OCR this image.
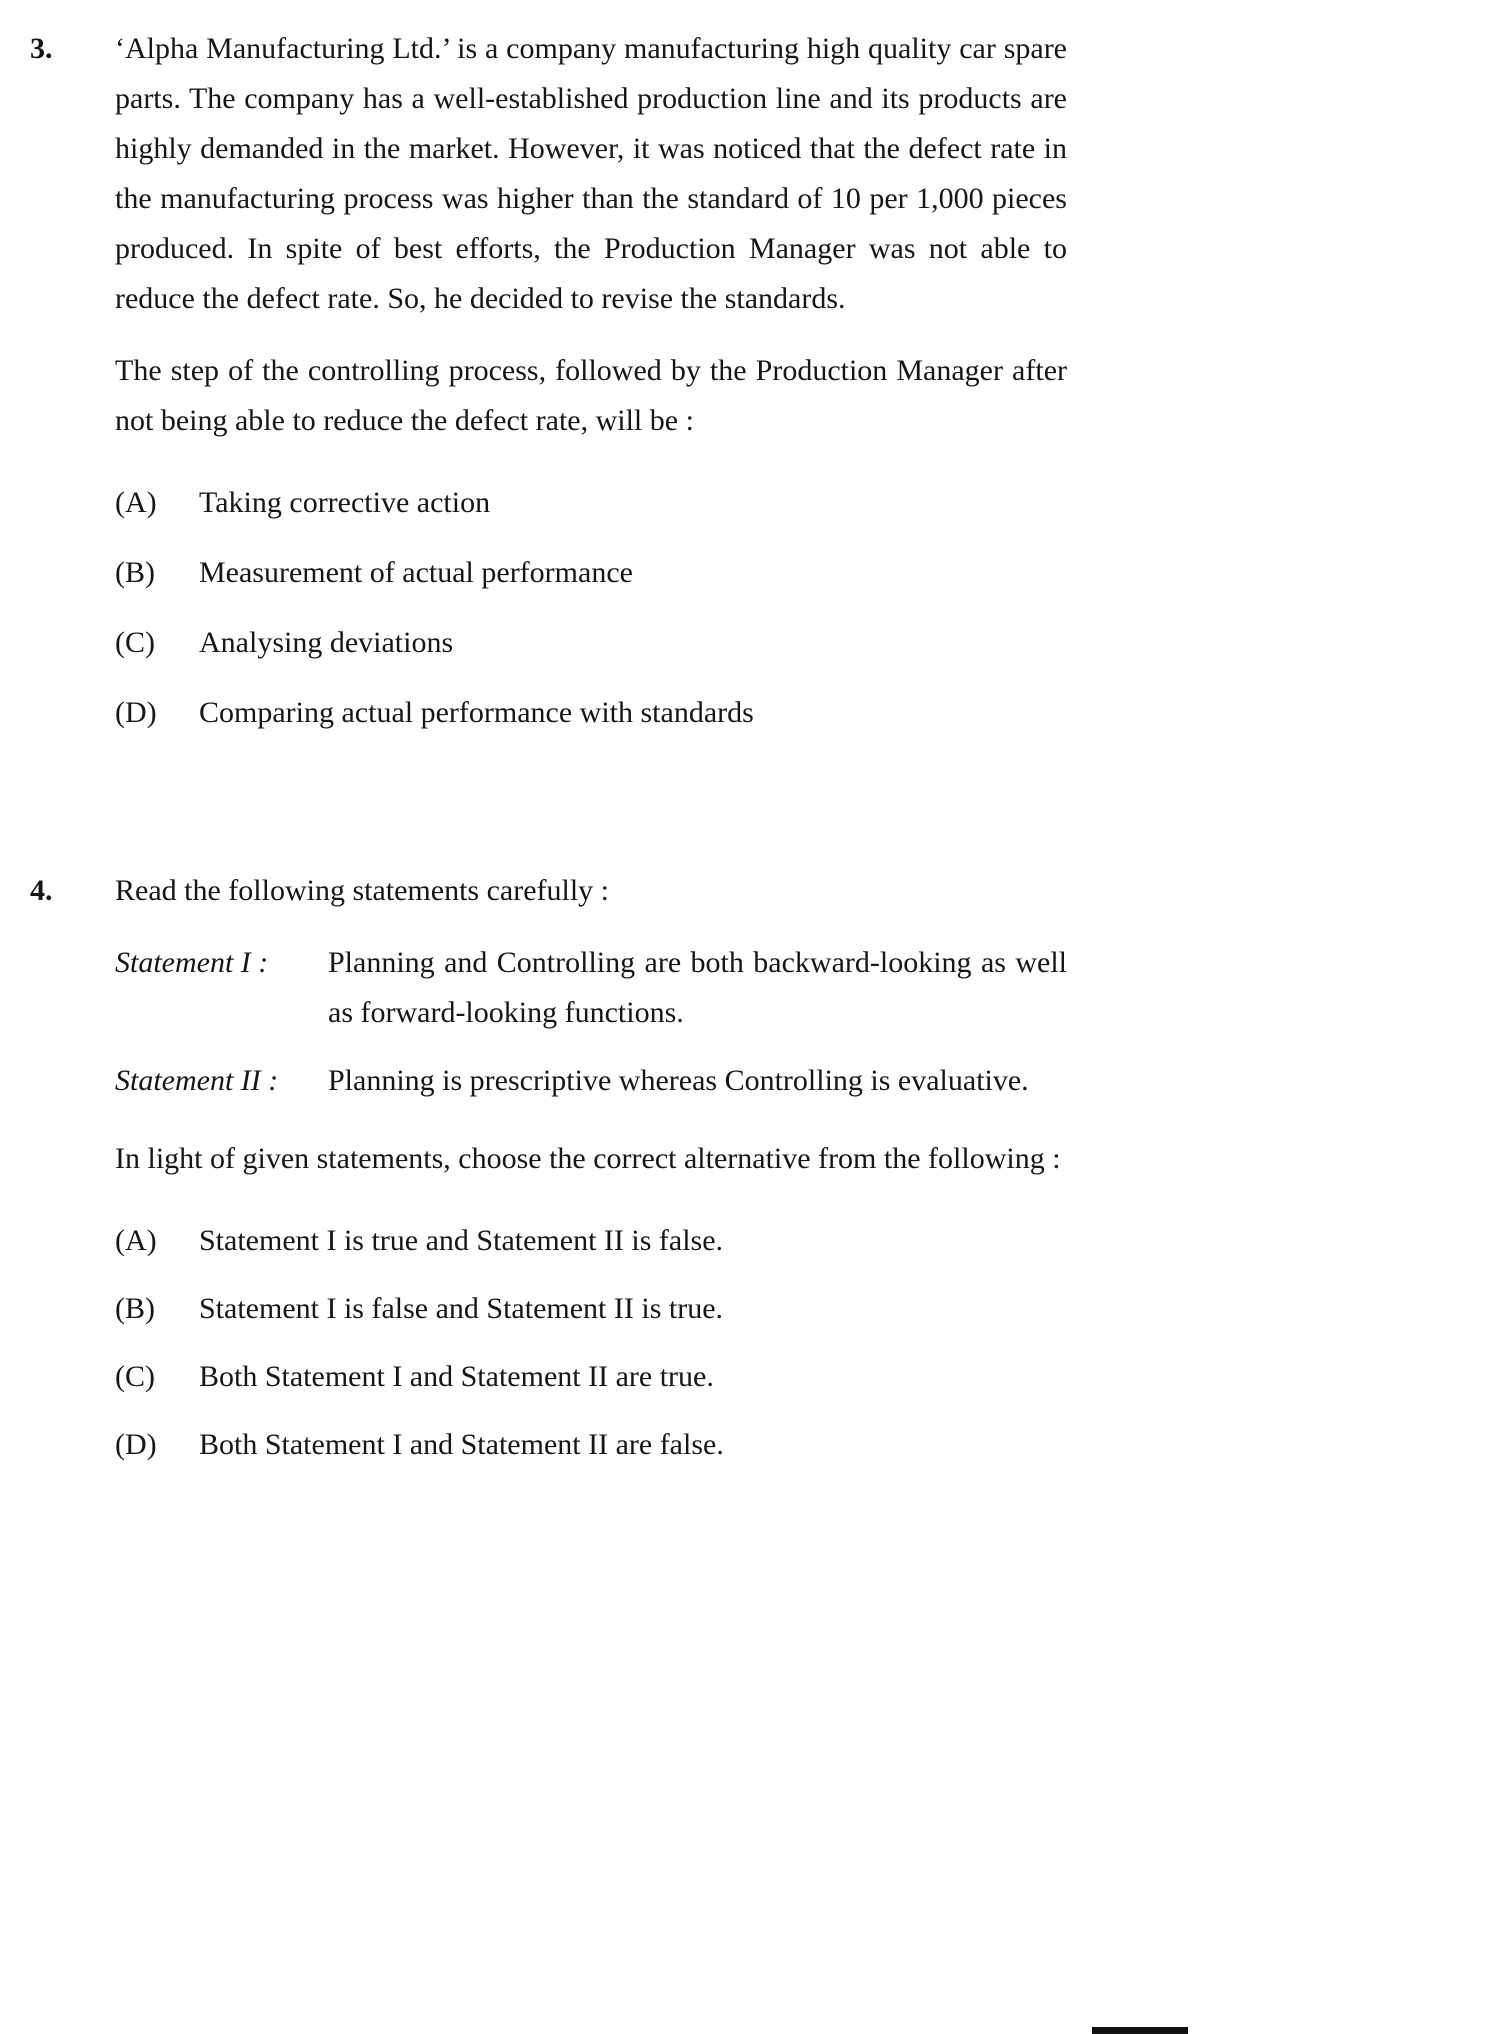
3.	‘Alpha Manufacturing Ltd.’ is a company manufacturing high quality car spare parts. The company has a well-established production line and its products are highly demanded in the market. However, it was noticed that the defect rate in the manufacturing process was higher than the standard of 10 per 1,000 pieces produced. In spite of best efforts, the Production Manager was not able to reduce the defect rate. So, he decided to revise the standards.

The step of the controlling process, followed by the Production Manager after not being able to reduce the defect rate, will be :

(A)	Taking corrective action
(B)	Measurement of actual performance
(C)	Analysing deviations
(D)	Comparing actual performance with standards
4.	Read the following statements carefully :

Statement I :	Planning and Controlling are both backward-looking as well as forward-looking functions.
Statement II :	Planning is prescriptive whereas Controlling is evaluative.

In light of given statements, choose the correct alternative from the following :

(A)	Statement I is true and Statement II is false.
(B)	Statement I is false and Statement II is true.
(C)	Both Statement I and Statement II are true.
(D)	Both Statement I and Statement II are false.
